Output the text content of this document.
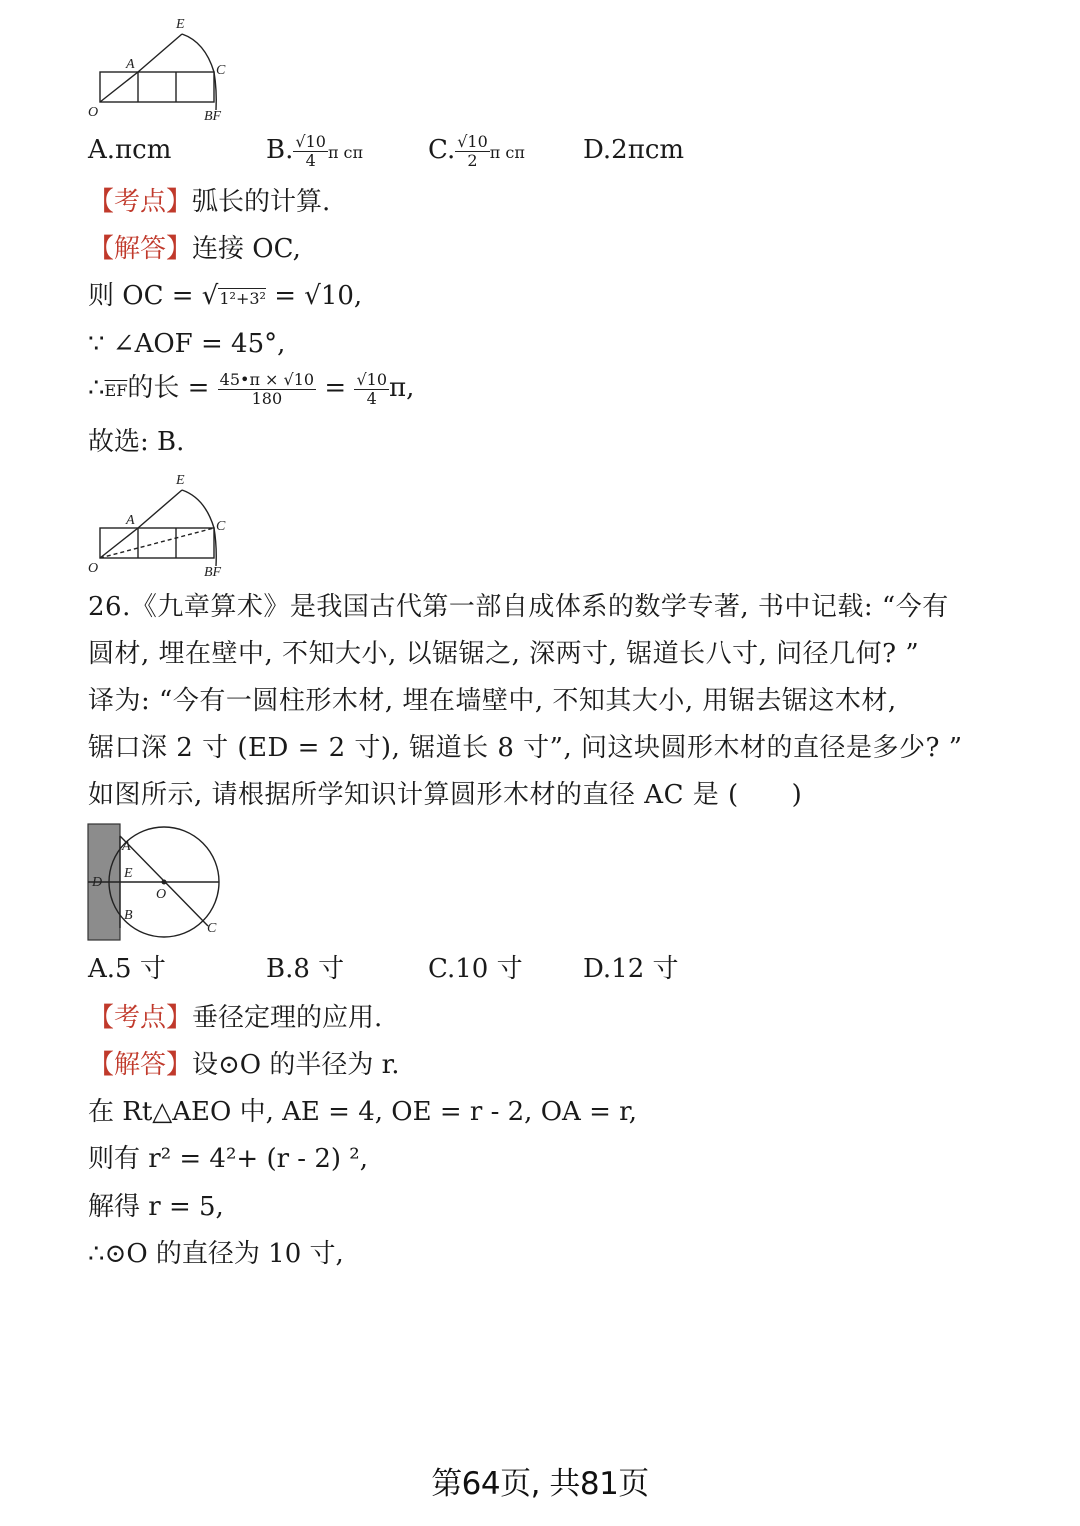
E
A	C
O	BF
A.πcm	B. $\frac{√10}{4}$ π cπ C. $\frac{√10}{2}$ π cπ D.2πcm
【考点】弧长的计算.
【解答】连接 OC,
则 OC = √1²+3² = √10,
∵ ∠AOF = 45°,
$\therefore\overline{EF}$的长 = $\frac{45•\pi \times √10}{180} = \frac{√10}{4} \pi$,
故选: B.
E
A	C
O	BF
26.《九章算术》是我国古代第一部自成体系的数学专著, 书中记载: “今有
圆材, 埋在壁中, 不知大小, 以锯锯之, 深两寸, 锯道长八寸, 问径几何? ”
译为: “今有一圆柱形木材, 埋在墙壁中, 不知其大小, 用锯去锯这木材,
锯口深 2 寸 (ED = 2 寸), 锯道长 8 寸”, 问这块圆形木材的直径是多少? ”
如图所示, 请根据所学知识计算圆形木材的直径 AC 是 (　　)
A
E
D
O
B
C
A.5 寸	B.8 寸	C.10 寸 D.12 寸
【考点】垂径定理的应用.
【解答】设⊙O 的半径为 r.
在 Rt△AEO 中, AE = 4, OE = r - 2, OA = r,
则有 r² = 4²+ (r - 2) ²,
解得 r = 5,
∴⊙O 的直径为 10 寸,
第64页, 共81页
